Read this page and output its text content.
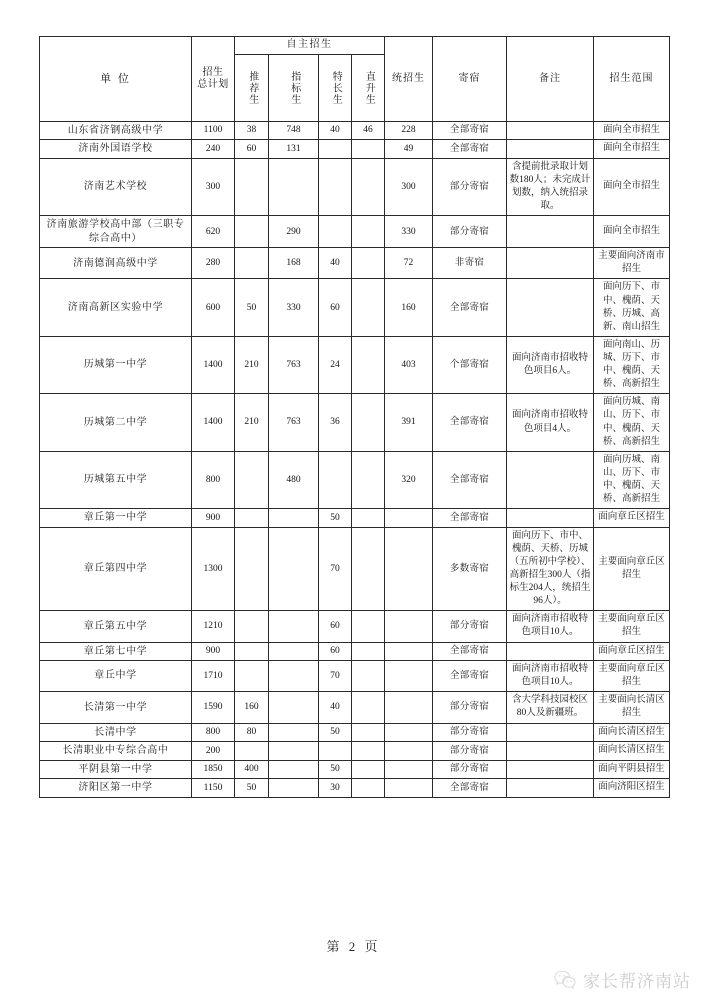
单 位	招生
总计划	自主招生				统招生	寄宿	备注	招生范围
		推荐生	指标生	特长生	直升生				
山东省济钢高级中学	1100	38	748	40	46	228	全部寄宿		面向全市招生
济南外国语学校	240	60	131			49	全部寄宿		面向全市招生
济南艺术学校	300					300	部分寄宿	含提前批录取计划数180人；未完成计划数，纳入统招录取。	面向全市招生
济南旅游学校高中部（三职专综合高中）	620		290			330	部分寄宿		面向全市招生
济南德润高级中学	280		168	40		72	非寄宿		主要面向济南市招生
济南高新区实验中学	600	50	330	60		160	全部寄宿		面向历下、市中、槐荫、天桥、历城、高新、南山招生
历城第一中学	1400	210	763	24		403	个部寄宿	面向济南市招收特色项目6人。	面向南山、历城、历下、市中、槐荫、天桥、高新招生
历城第二中学	1400	210	763	36		391	全部寄宿	面向济南市招收特色项目4人。	面向历城、南山、历下、市中、槐荫、天桥、高新招生
历城第五中学	800		480			320	全部寄宿		面向历城、南山、历下、市中、槐荫、天桥、高新招生
章丘第一中学	900			50			全部寄宿		面向章丘区招生
章丘第四中学	1300			70			多数寄宿	面向历下、市中、槐荫、天桥、历城（五所初中学校）、高新招生300人（指标生204人，统招生96人）。	主要面向章丘区招生
章丘第五中学	1210			60			部分寄宿	面向济南市招收特色项目10人。	主要面向章丘区招生
章丘第七中学	900			60			全部寄宿		面向章丘区招生
章丘中学	1710			70			全部寄宿	面向济南市招收特色项目10人。	主要面向章丘区招生
长清第一中学	1590	160		40			部分寄宿	含大学科技园校区80人及新疆班。	主要面向长清区招生
长清中学	800	80		50			部分寄宿		面向长清区招生
长清职业中专综合高中	200						部分寄宿		面向长清区招生
平阴县第一中学	1850	400		50			部分寄宿		面向平阴县招生
济阳区第一中学	1150	50		30			全部寄宿		面向济阳区招生
第 2 页
家长帮济南站
